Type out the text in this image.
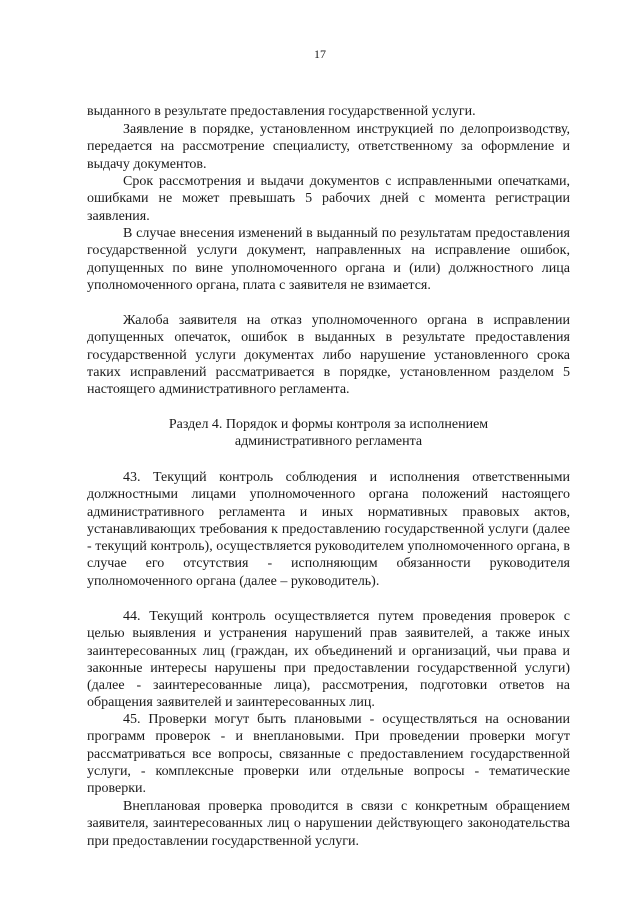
17

выданного в результате предоставления государственной услуги.

Заявление в порядке, установленном инструкцией по делопроизводству, передается на рассмотрение специалисту, ответственному за оформление и выдачу документов.

Срок рассмотрения и выдачи документов с исправленными опечатками, ошибками не может превышать 5 рабочих дней с момента регистрации заявления.

В случае внесения изменений в выданный по результатам предоставления государственной услуги документ, направленных на исправление ошибок, допущенных по вине уполномоченного органа и (или) должностного лица уполномоченного органа, плата с заявителя не взимается.

Жалоба заявителя на отказ уполномоченного органа в исправлении допущенных опечаток, ошибок в выданных в результате предоставления государственной услуги документах либо нарушение установленного срока таких исправлений рассматривается в порядке, установленном разделом 5 настоящего административного регламента.

Раздел 4. Порядок и формы контроля за исполнением
административного регламента

43. Текущий контроль соблюдения и исполнения ответственными должностными лицами уполномоченного органа положений настоящего административного регламента и иных нормативных правовых актов, устанавливающих требования к предоставлению государственной услуги (далее - текущий контроль), осуществляется руководителем уполномоченного органа, в случае его отсутствия - исполняющим обязанности руководителя уполномоченного органа (далее – руководитель).

44. Текущий контроль осуществляется путем проведения проверок с целью выявления и устранения нарушений прав заявителей, а также иных заинтересованных лиц (граждан, их объединений и организаций, чьи права и законные интересы нарушены при предоставлении государственной услуги) (далее - заинтересованные лица), рассмотрения, подготовки ответов на обращения заявителей и заинтересованных лиц.

45. Проверки могут быть плановыми - осуществляться на основании программ проверок - и внеплановыми. При проведении проверки могут рассматриваться все вопросы, связанные с предоставлением государственной услуги, - комплексные проверки или отдельные вопросы - тематические проверки.

Внеплановая проверка проводится в связи с конкретным обращением заявителя, заинтересованных лиц о нарушении действующего законодательства при предоставлении государственной услуги.
